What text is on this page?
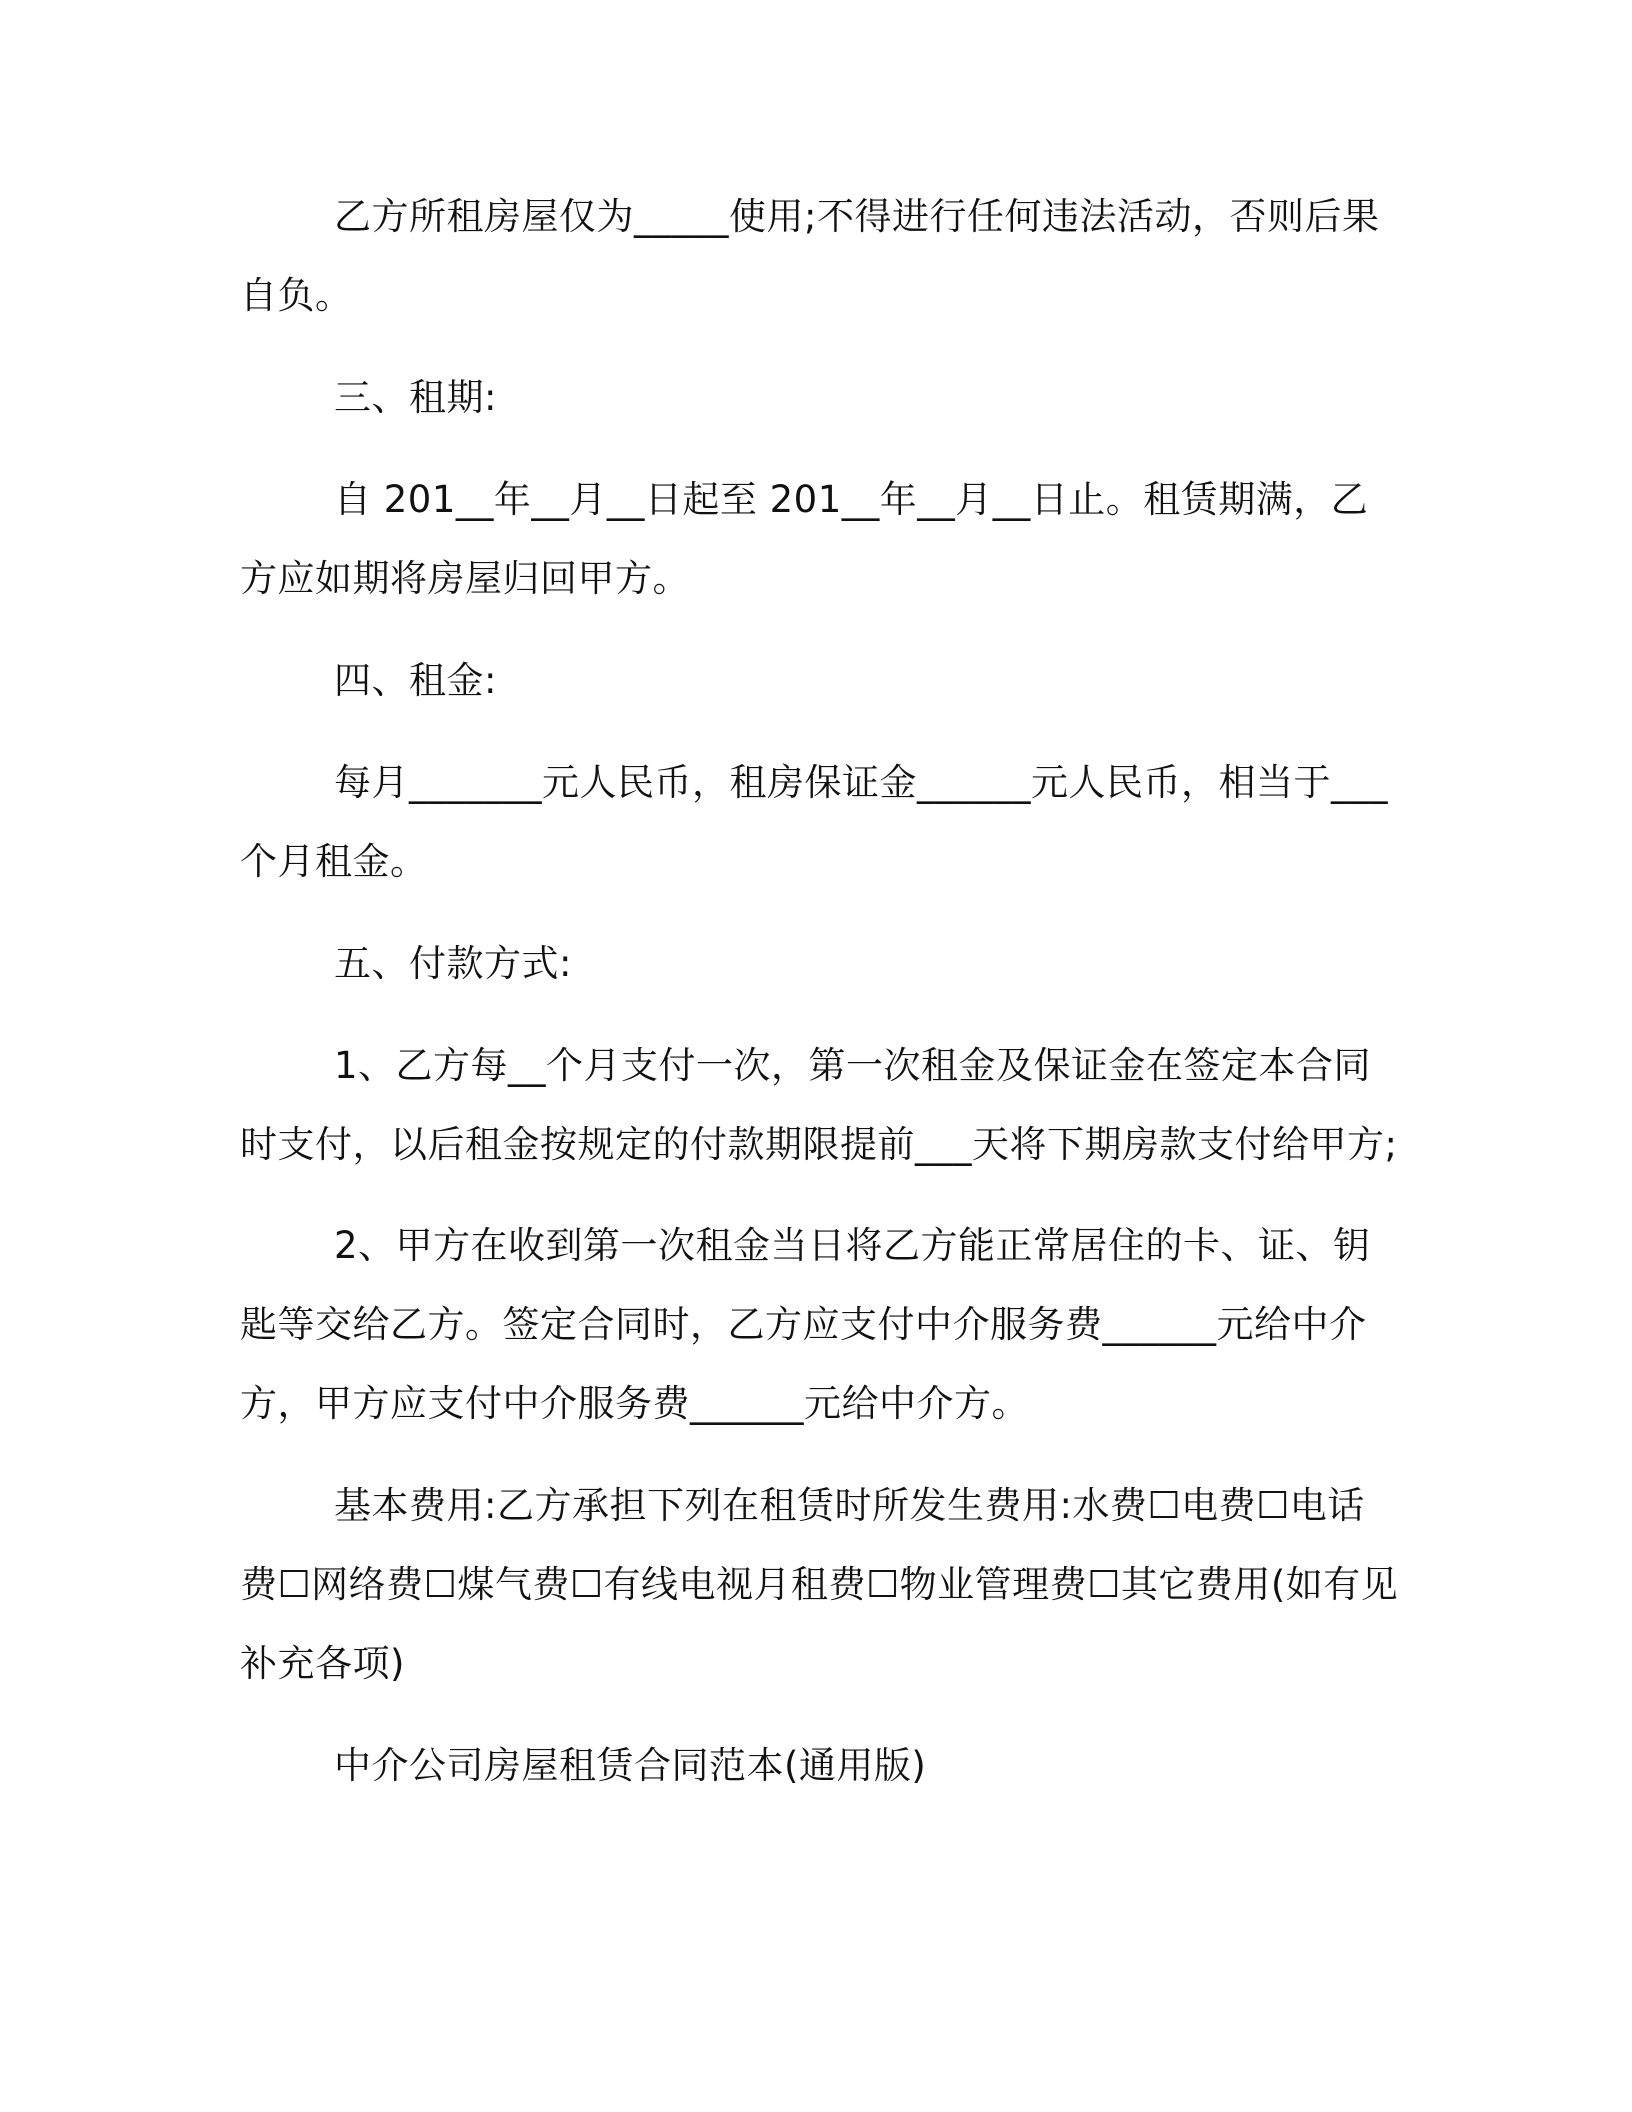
乙方所租房屋仅为_____使用;不得进行任何违法活动，否则后果自负。

三、租期:

自 201__年__月__日起至 201__年__月__日止。租赁期满，乙方应如期将房屋归回甲方。

四、租金:

每月_______元人民币，租房保证金______元人民币，相当于___个月租金。

五、付款方式:

1、乙方每__个月支付一次，第一次租金及保证金在签定本合同时支付，以后租金按规定的付款期限提前___天将下期房款支付给甲方;

2、甲方在收到第一次租金当日将乙方能正常居住的卡、证、钥匙等交给乙方。签定合同时，乙方应支付中介服务费______元给中介方，甲方应支付中介服务费______元给中介方。

基本费用:乙方承担下列在租赁时所发生费用:水费☐电费☐电话费☐网络费☐煤气费☐有线电视月租费☐物业管理费☐其它费用(如有见补充各项)

中介公司房屋租赁合同范本(通用版)
